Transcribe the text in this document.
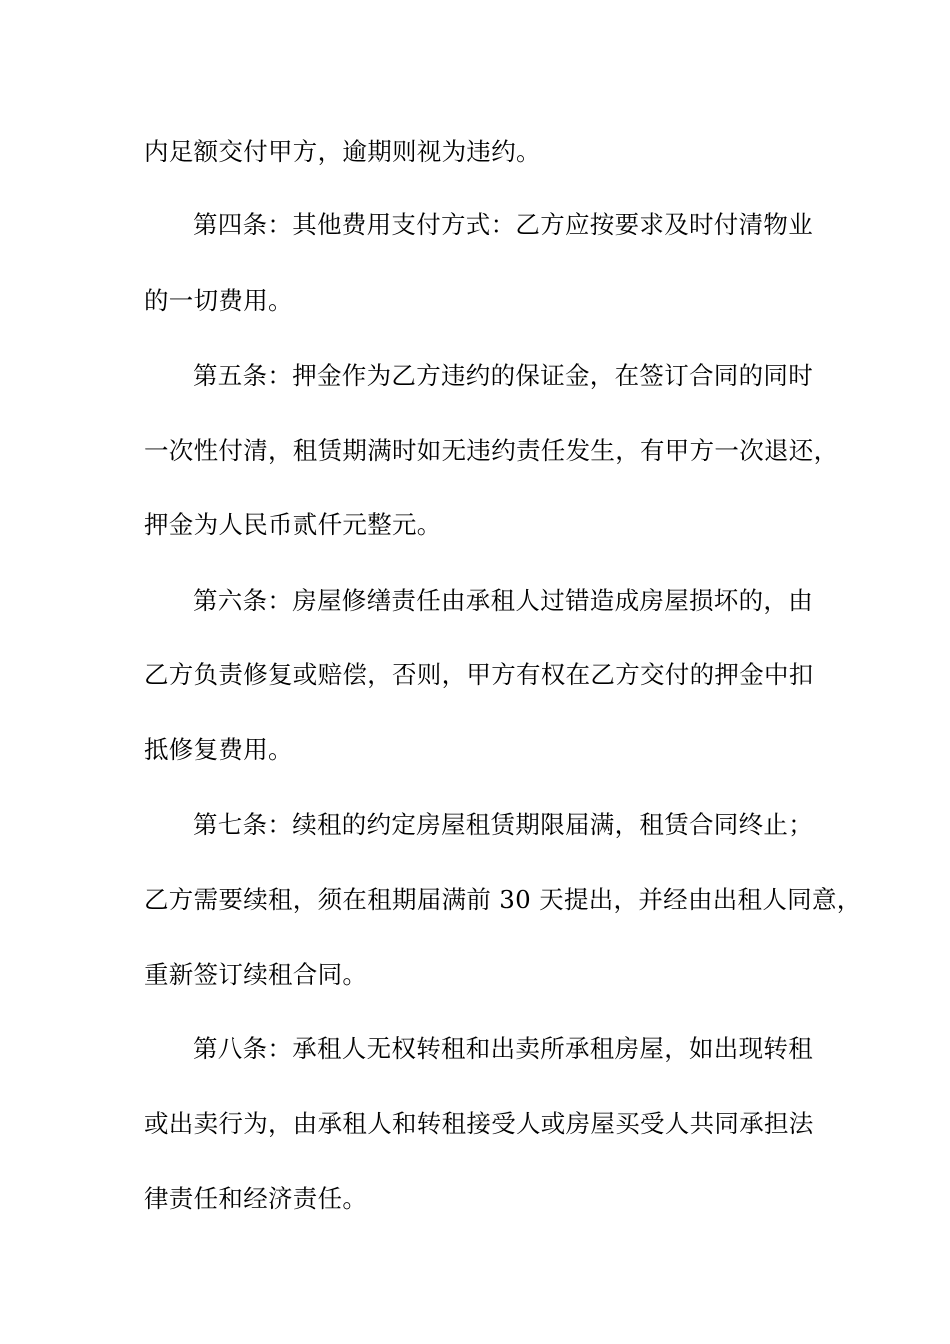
内足额交付甲方，逾期则视为违约。
第四条：其他费用支付方式：乙方应按要求及时付清物业
的一切费用。
第五条：押金作为乙方违约的保证金，在签订合同的同时
一次性付清，租赁期满时如无违约责任发生，有甲方一次退还，
押金为人民币贰仟元整元。
第六条：房屋修缮责任由承租人过错造成房屋损坏的，由
乙方负责修复或赔偿，否则，甲方有权在乙方交付的押金中扣
抵修复费用。
第七条：续租的约定房屋租赁期限届满，租赁合同终止；
乙方需要续租，须在租期届满前 30 天提出，并经由出租人同意，
重新签订续租合同。
第八条：承租人无权转租和出卖所承租房屋，如出现转租
或出卖行为，由承租人和转租接受人或房屋买受人共同承担法
律责任和经济责任。
